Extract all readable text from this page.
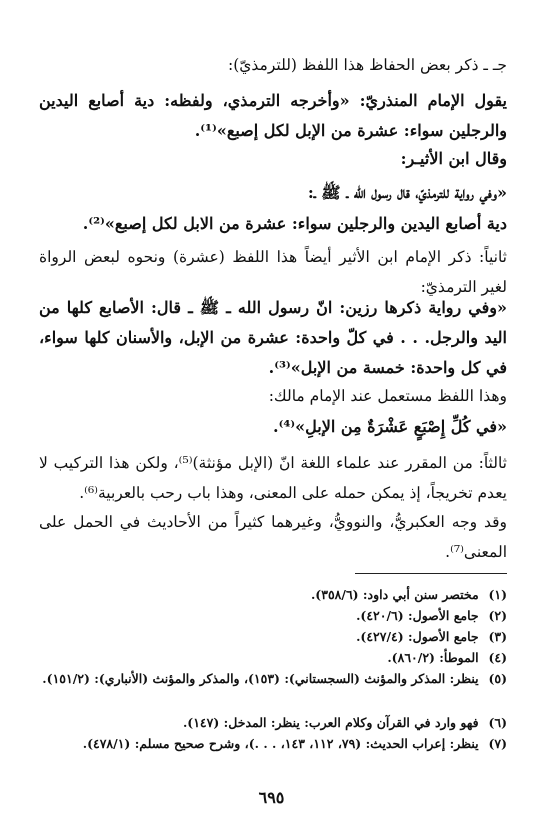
جـ ـ ذكر بعض الحفاظ هذا اللفظ (للترمذيّ):
يقول الإمام المنذريّ: «وأخرجه الترمذي، ولفظه: دية أصابع اليدين والرجلين سواء: عشرة من الإبل لكل إصبع»⁽¹⁾.
وقال ابن الأثيـر:
«وفي رواية للترمذيّ، قال رسول الله ـ ﷺ ـ:
دية أصابع اليدين والرجلين سواء: عشرة من الابل لكل إصبع»⁽²⁾.
ثانياً: ذكر الإمام ابن الأثير أيضاً هذا اللفظ (عشرة) ونحوه لبعض الرواة لغير الترمذيّ:
«وفي رواية ذكرها رزين: انّ رسول الله ـ ﷺ ـ قال: الأصابع كلها من اليد والرجل. . . في كلّ واحدة: عشرة من الإبل، والأسنان كلها سواء، في كل واحدة: خمسة من الإبل»⁽³⁾.
وهذا اللفظ مستعمل عند الإمام مالك:
«في كُلِّ إِصْبَعٍ عَشْرَةٌ مِن الإبلِ»⁽⁴⁾.
ثالثاً: من المقرر عند علماء اللغة انّ (الإبل مؤنثة)⁽⁵⁾، ولكن هذا التركيب لا يعدم تخريجاً، إذ يمكن حمله على المعنى، وهذا باب رحب بالعربية⁽⁶⁾.
وقد وجه العكبريُّ، والنوويُّ، وغيرهما كثيراً من الأحاديث في الحمل على المعنى⁽⁷⁾.
(١) مختصر سنن أبي داود: (٣٥٨/٦).
(٢) جامع الأصول: (٤٢٠/٦).
(٣) جامع الأصول: (٤٢٧/٤).
(٤) الموطأ: (٨٦٠/٢).
(٥) ينظر: المذكر والمؤنث (السجستاني): (١٥٣)، والمذكر والمؤنث (الأنباري): (١٥١/٢).
(٦) فهو وارد في القرآن وكلام العرب: ينظر: المدخل: (١٤٧).
(٧) ينظر: إعراب الحديث: (٧٩، ١١٢، ١٤٣، . . .)، وشرح صحيح مسلم: (٤٧٨/١).
٦٩٥
